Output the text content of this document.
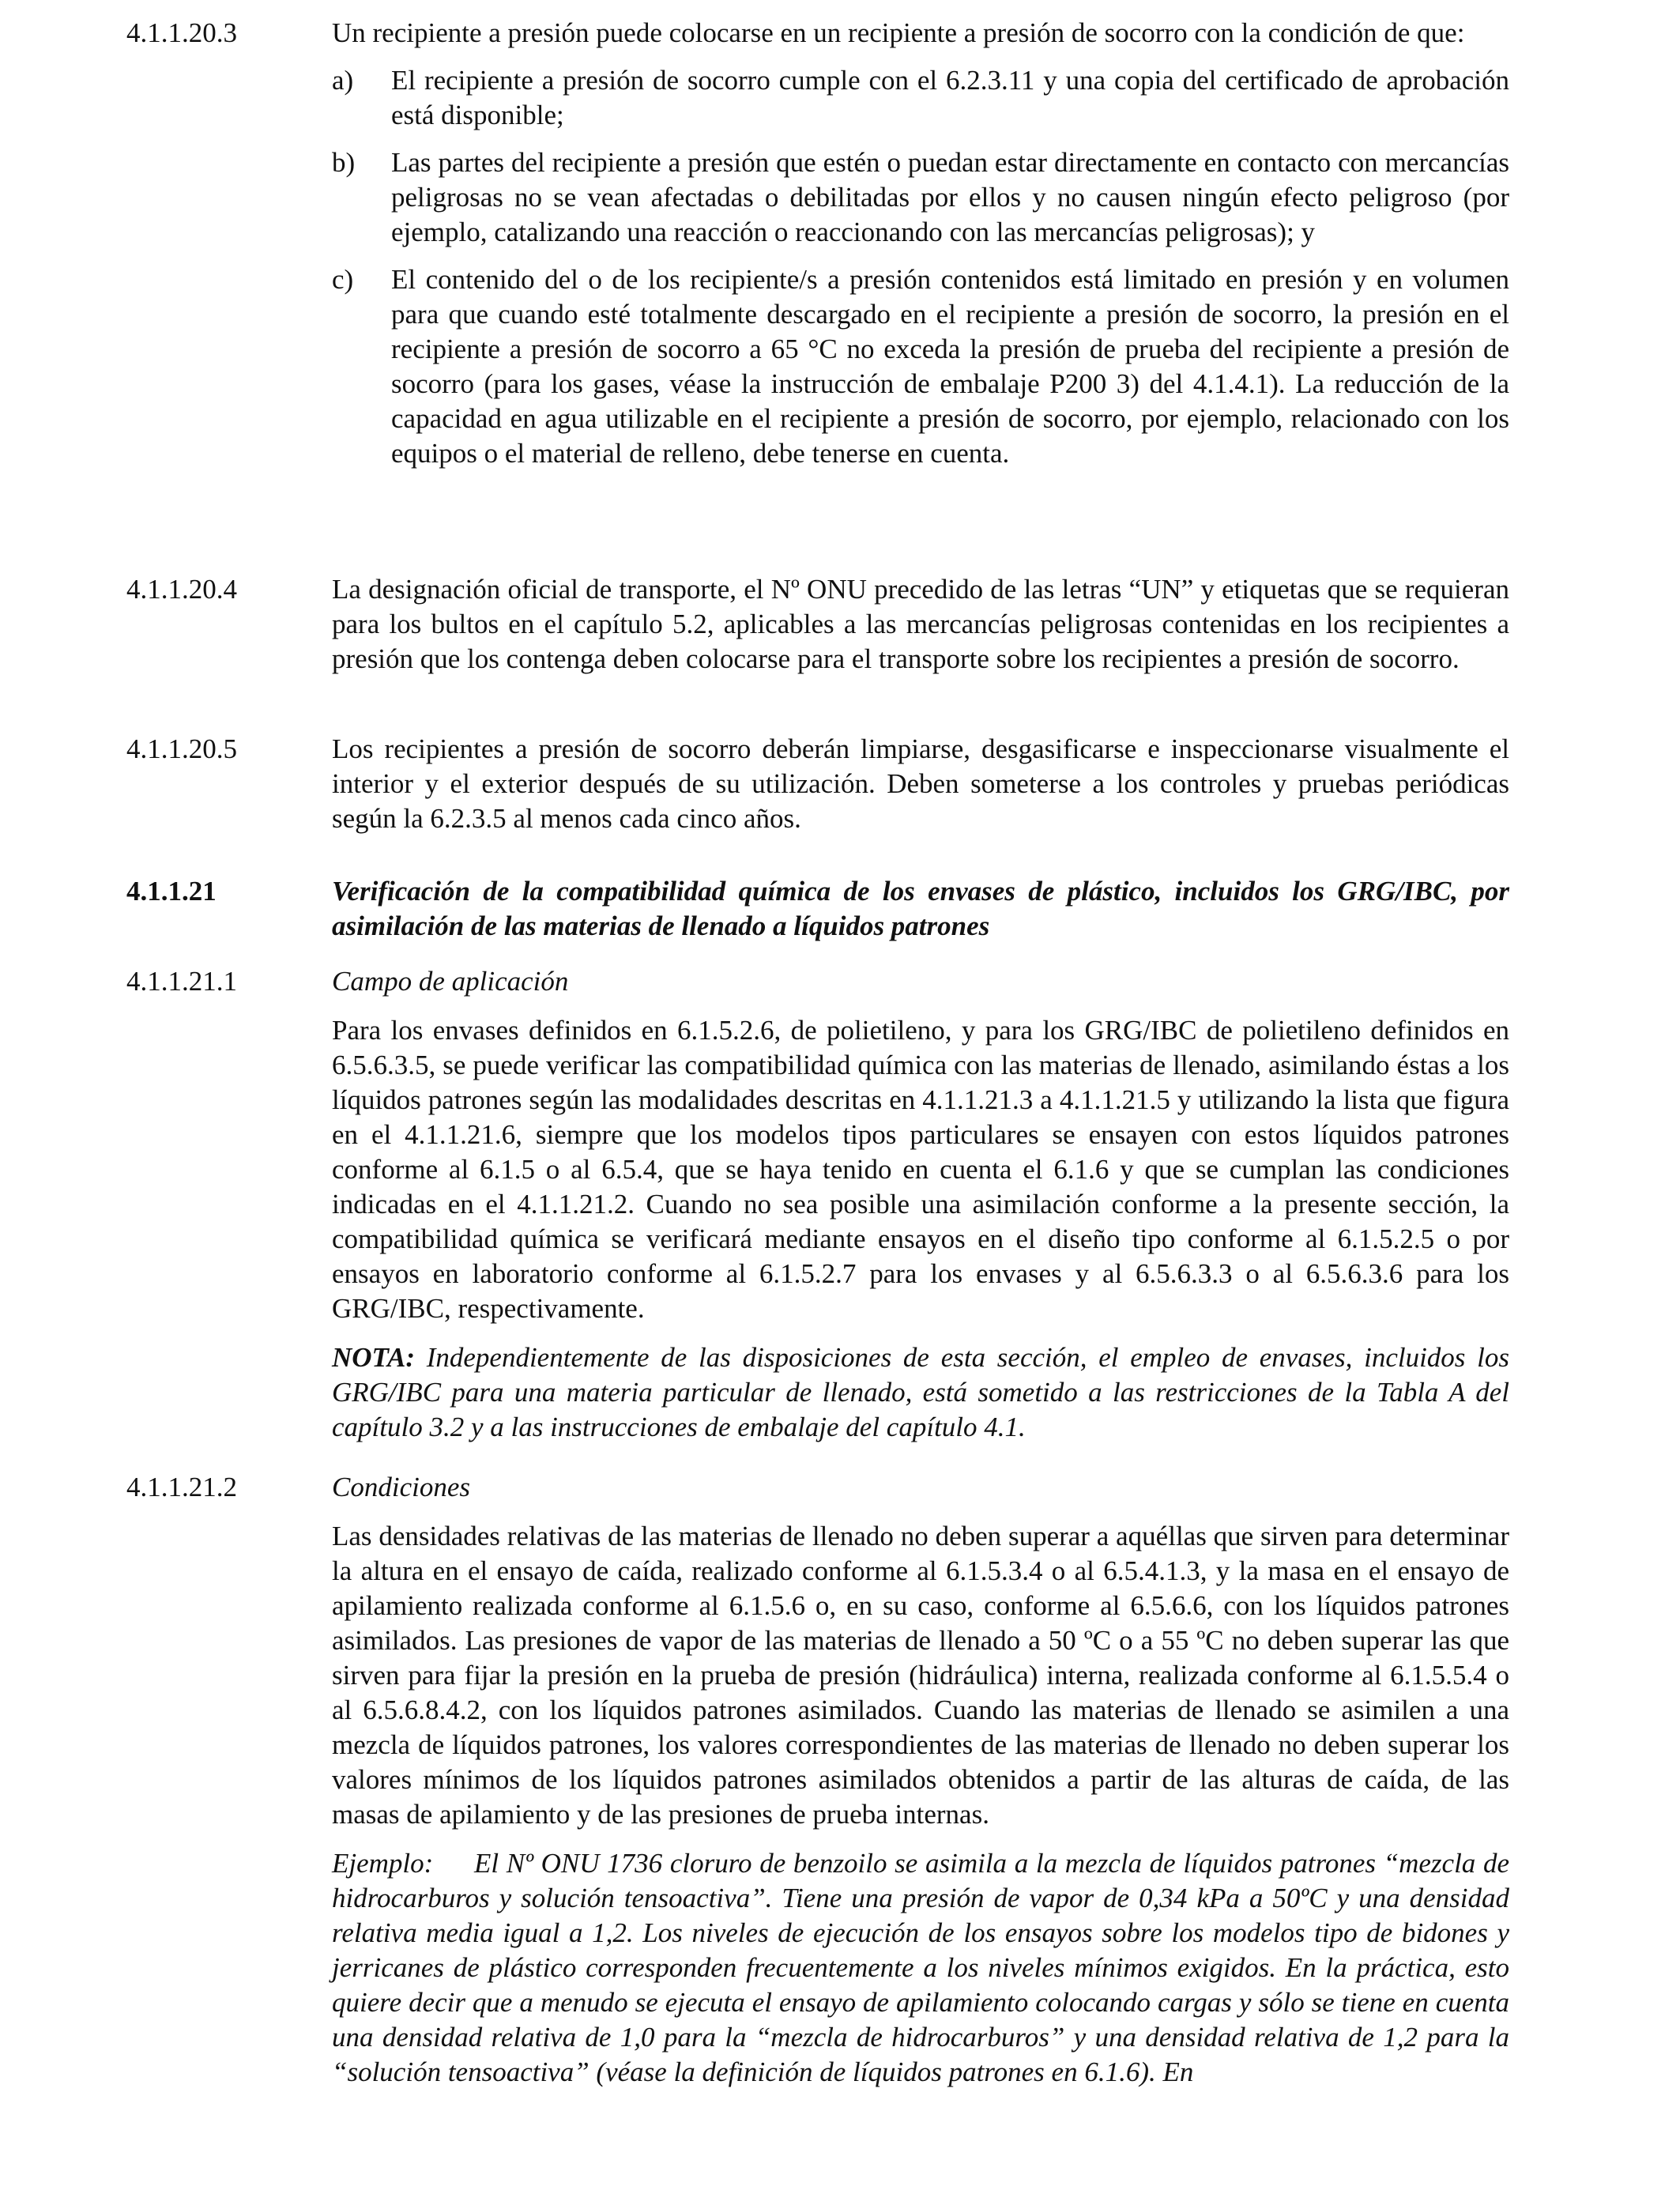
4.1.1.20.3	Un recipiente a presión puede colocarse en un recipiente a presión de socorro con la condición de que:
a) El recipiente a presión de socorro cumple con el 6.2.3.11 y una copia del certificado de aprobación está disponible;
b) Las partes del recipiente a presión que estén o puedan estar directamente en contacto con mercancías peligrosas no se vean afectadas o debilitadas por ellos y no causen ningún efecto peligroso (por ejemplo, catalizando una reacción o reaccionando con las mercancías peligrosas); y
c) El contenido del o de los recipiente/s a presión contenidos está limitado en presión y en volumen para que cuando esté totalmente descargado en el recipiente a presión de socorro, la presión en el recipiente a presión de socorro a 65 °C no exceda la presión de prueba del recipiente a presión de socorro (para los gases, véase la instrucción de embalaje P200 3) del 4.1.4.1). La reducción de la capacidad en agua utilizable en el recipiente a presión de socorro, por ejemplo, relacionado con los equipos o el material de relleno, debe tenerse en cuenta.
4.1.1.20.4	La designación oficial de transporte, el Nº ONU precedido de las letras “UN” y etiquetas que se requieran para los bultos en el capítulo 5.2, aplicables a las mercancías peligrosas contenidas en los recipientes a presión que los contenga deben colocarse para el transporte sobre los recipientes a presión de socorro.
4.1.1.20.5	Los recipientes a presión de socorro deberán limpiarse, desgasificarse e inspeccionarse visualmente el interior y el exterior después de su utilización. Deben someterse a los controles y pruebas periódicas según la 6.2.3.5 al menos cada cinco años.
4.1.1.21	Verificación de la compatibilidad química de los envases de plástico, incluidos los GRG/IBC, por asimilación de las materias de llenado a líquidos patrones
4.1.1.21.1	Campo de aplicación
Para los envases definidos en 6.1.5.2.6, de polietileno, y para los GRG/IBC de polietileno definidos en 6.5.6.3.5, se puede verificar las compatibilidad química con las materias de llenado, asimilando éstas a los líquidos patrones según las modalidades descritas en 4.1.1.21.3 a 4.1.1.21.5 y utilizando la lista que figura en el 4.1.1.21.6, siempre que los modelos tipos particulares se ensayen con estos líquidos patrones conforme al 6.1.5 o al 6.5.4, que se haya tenido en cuenta el 6.1.6 y que se cumplan las condiciones indicadas en el 4.1.1.21.2. Cuando no sea posible una asimilación conforme a la presente sección, la compatibilidad química se verificará mediante ensayos en el diseño tipo conforme al 6.1.5.2.5 o por ensayos en laboratorio conforme al 6.1.5.2.7 para los envases y al 6.5.6.3.3 o al 6.5.6.3.6 para los GRG/IBC, respectivamente.
NOTA: Independientemente de las disposiciones de esta sección, el empleo de envases, incluidos los GRG/IBC para una materia particular de llenado, está sometido a las restricciones de la Tabla A del capítulo 3.2 y a las instrucciones de embalaje del capítulo 4.1.
4.1.1.21.2	Condiciones
Las densidades relativas de las materias de llenado no deben superar a aquéllas que sirven para determinar la altura en el ensayo de caída, realizado conforme al 6.1.5.3.4 o al 6.5.4.1.3, y la masa en el ensayo de apilamiento realizada conforme al 6.1.5.6 o, en su caso, conforme al 6.5.6.6, con los líquidos patrones asimilados. Las presiones de vapor de las materias de llenado a 50 ºC o a 55 ºC no deben superar las que sirven para fijar la presión en la prueba de presión (hidráulica) interna, realizada conforme al 6.1.5.5.4 o al 6.5.6.8.4.2, con los líquidos patrones asimilados. Cuando las materias de llenado se asimilen a una mezcla de líquidos patrones, los valores correspondientes de las materias de llenado no deben superar los valores mínimos de los líquidos patrones asimilados obtenidos a partir de las alturas de caída, de las masas de apilamiento y de las presiones de prueba internas.
Ejemplo: El Nº ONU 1736 cloruro de benzoilo se asimila a la mezcla de líquidos patrones “mezcla de hidrocarburos y solución tensoactiva”. Tiene una presión de vapor de 0,34 kPa a 50ºC y una densidad relativa media igual a 1,2. Los niveles de ejecución de los ensayos sobre los modelos tipo de bidones y jerricanes de plástico corresponden frecuentemente a los niveles mínimos exigidos. En la práctica, esto quiere decir que a menudo se ejecuta el ensayo de apilamiento colocando cargas y sólo se tiene en cuenta una densidad relativa de 1,0 para la “mezcla de hidrocarburos” y una densidad relativa de 1,2 para la “solución tensoactiva” (véase la definición de líquidos patrones en 6.1.6). En
